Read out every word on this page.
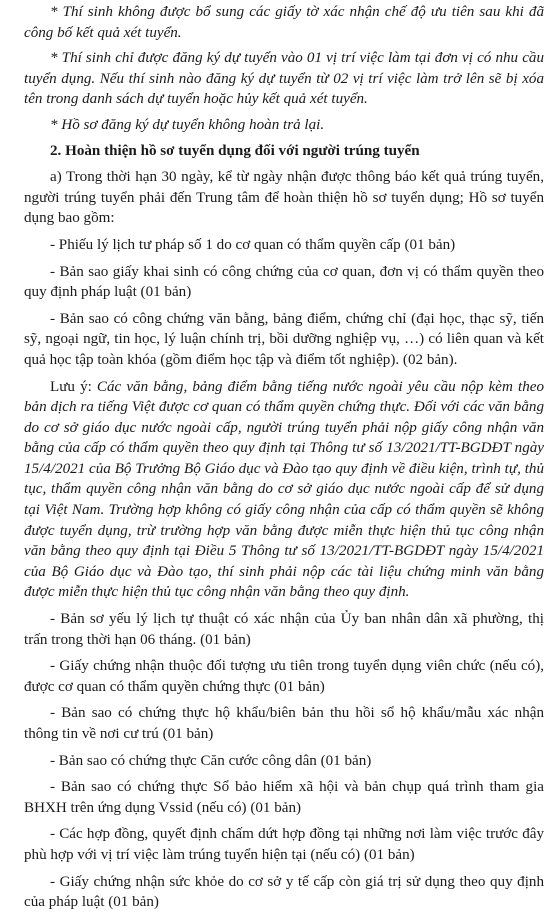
* Thí sinh không được bổ sung các giấy tờ xác nhận chế độ ưu tiên sau khi đã công bố kết quả xét tuyển.

* Thí sinh chỉ được đăng ký dự tuyển vào 01 vị trí việc làm tại đơn vị có nhu cầu tuyển dụng. Nếu thí sinh nào đăng ký dự tuyển từ 02 vị trí việc làm trở lên sẽ bị xóa tên trong danh sách dự tuyển hoặc hủy kết quả xét tuyển.

* Hồ sơ đăng ký dự tuyển không hoàn trả lại.

2. Hoàn thiện hồ sơ tuyển dụng đối với người trúng tuyển

a) Trong thời hạn 30 ngày, kể từ ngày nhận được thông báo kết quả trúng tuyển, người trúng tuyển phải đến Trung tâm để hoàn thiện hồ sơ tuyển dụng; Hồ sơ tuyển dụng bao gồm:

- Phiếu lý lịch tư pháp số 1 do cơ quan có thẩm quyền cấp (01 bản)

- Bản sao giấy khai sinh có công chứng của cơ quan, đơn vị có thẩm quyền theo quy định pháp luật (01 bản)

- Bản sao có công chứng văn bằng, bảng điểm, chứng chỉ (đại học, thạc sỹ, tiến sỹ, ngoại ngữ, tin học, lý luận chính trị, bồi dưỡng nghiệp vụ, …) có liên quan và kết quả học tập toàn khóa (gồm điểm học tập và điểm tốt nghiệp). (02 bản).

Lưu ý: Các văn bằng, bảng điểm bằng tiếng nước ngoài yêu cầu nộp kèm theo bản dịch ra tiếng Việt được cơ quan có thẩm quyền chứng thực. Đối với các văn bằng do cơ sở giáo dục nước ngoài cấp, người trúng tuyển phải nộp giấy công nhận văn bằng của cấp có thẩm quyền theo quy định tại Thông tư số 13/2021/TT-BGDĐT ngày 15/4/2021 của Bộ Trưởng Bộ Giáo dục và Đào tạo quy định về điều kiện, trình tự, thủ tục, thẩm quyền công nhận văn bằng do cơ sở giáo dục nước ngoài cấp để sử dụng tại Việt Nam. Trường hợp không có giấy công nhận của cấp có thẩm quyền sẽ không được tuyển dụng, trừ trường hợp văn bằng được miễn thực hiện thủ tục công nhận văn bằng theo quy định tại Điều 5 Thông tư số 13/2021/TT-BGDĐT ngày 15/4/2021 của Bộ Giáo dục và Đào tạo, thí sinh phải nộp các tài liệu chứng minh văn bằng được miễn thực hiện thủ tục công nhận văn bằng theo quy định.

- Bản sơ yếu lý lịch tự thuật có xác nhận của Ủy ban nhân dân xã phường, thị trấn trong thời hạn 06 tháng. (01 bản)

- Giấy chứng nhận thuộc đối tượng ưu tiên trong tuyển dụng viên chức (nếu có), được cơ quan có thẩm quyền chứng thực (01 bản)

- Bản sao có chứng thực hộ khẩu/biên bản thu hồi sổ hộ khẩu/mẫu xác nhận thông tin về nơi cư trú (01 bản)

- Bản sao có chứng thực Căn cước công dân (01 bản)

- Bản sao có chứng thực Sổ bảo hiểm xã hội và bản chụp quá trình tham gia BHXH trên ứng dụng Vssid (nếu có) (01 bản)

- Các hợp đồng, quyết định chấm dứt hợp đồng tại những nơi làm việc trước đây phù hợp với vị trí việc làm trúng tuyển hiện tại (nếu có) (01 bản)

- Giấy chứng nhận sức khỏe do cơ sở y tế cấp còn giá trị sử dụng theo quy định của pháp luật (01 bản)
